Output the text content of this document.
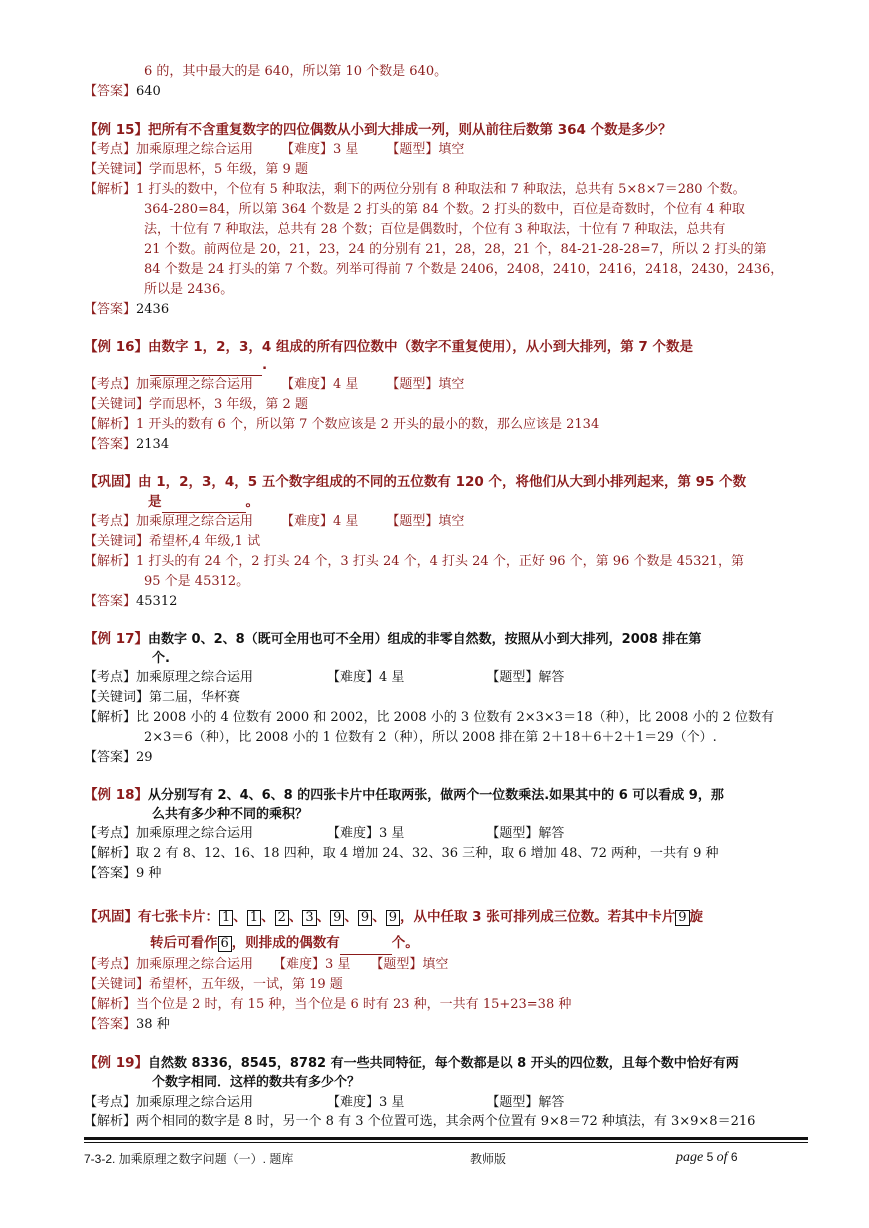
6 的，其中最大的是 640，所以第 10 个数是 640。
【答案】640
【例 15】把所有不含重复数字的四位偶数从小到大排成一列，则从前往后数第 364 个数是多少？
【考点】加乘原理之综合运用 【难度】3 星 【题型】填空
【关键词】学而思杯，5 年级，第 9 题
【解析】1 打头的数中，个位有 5 种取法，剩下的两位分别有 8 种取法和 7 种取法，总共有 5×8×7＝280 个数。
364-280=84，所以第 364 个数是 2 打头的第 84 个数。2 打头的数中，百位是奇数时，个位有 4 种取
法，十位有 7 种取法，总共有 28 个数；百位是偶数时，个位有 3 种取法，十位有 7 种取法，总共有
21 个数。前两位是 20，21，23，24 的分别有 21，28，28，21 个，84-21-28-28=7，所以 2 打头的第
84 个数是 24 打头的第 7 个数。列举可得前 7 个数是 2406，2408，2410，2416，2418，2430，2436，
所以是 2436。
【答案】2436
【例 16】由数字 1，2，3，4 组成的所有四位数中（数字不重复使用），从小到大排列，第 7 个数是
.
【考点】加乘原理之综合运用 【难度】4 星 【题型】填空
【关键词】学而思杯，3 年级，第 2 题
【解析】1 开头的数有 6 个，所以第 7 个数应该是 2 开头的最小的数，那么应该是 2134
【答案】2134
【巩固】由 1，2，3，4，5 五个数字组成的不同的五位数有 120 个，将他们从大到小排列起来，第 95 个数
是	。
【考点】加乘原理之综合运用 【难度】4 星 【题型】填空
【关键词】希望杯,4 年级,1 试
【解析】1 打头的有 24 个，2 打头 24 个，3 打头 24 个，4 打头 24 个，正好 96 个，第 96 个数是 45321，第
95 个是 45312。
【答案】45312
【例 17】由数字 0、2、8（既可全用也可不全用）组成的非零自然数，按照从小到大排列，2008 排在第
个.
【考点】加乘原理之综合运用	【难度】4 星	【题型】解答
【关键词】第二届，华杯赛
【解析】比 2008 小的 4 位数有 2000 和 2002，比 2008 小的 3 位数有 2×3×3＝18（种），比 2008 小的 2 位数有
2×3＝6（种），比 2008 小的 1 位数有 2（种），所以 2008 排在第 2＋18＋6＋2＋1＝29（个）.
【答案】29
【例 18】从分别写有 2、4、6、8 的四张卡片中任取两张，做两个一位数乘法.如果其中的 6 可以看成 9，那
么共有多少种不同的乘积？
【考点】加乘原理之综合运用	【难度】3 星	【题型】解答
【解析】取 2 有 8、12、16、18 四种，取 4 增加 24、32、36 三种，取 6 增加 48、72 两种，一共有 9 种
【答案】9 种
【巩固】有七张卡片： 1 、 1 、 2 、 3 、 9 、 9 、 9 ，从中任取 3 张可排列成三位数。若其中卡片 9 旋
转后可看作 6 ，则排成的偶数有	个。
【考点】加乘原理之综合运用 【难度】3 星 【题型】填空
【关键词】希望杯，五年级，一试，第 19 题
【解析】当个位是 2 时，有 15 种，当个位是 6 时有 23 种，一共有 15+23=38 种
【答案】38 种
【例 19】自然数 8336，8545，8782 有一些共同特征，每个数都是以 8 开头的四位数，且每个数中恰好有两
个数字相同．这样的数共有多少个？
【考点】加乘原理之综合运用	【难度】3 星	【题型】解答
【解析】两个相同的数字是 8 时，另一个 8 有 3 个位置可选，其余两个位置有 9×8＝72 种填法，有 3×9×8＝216
7-3-2. 加乘原理之数字问题（一）. 题库	教师版	page 5 of 6
